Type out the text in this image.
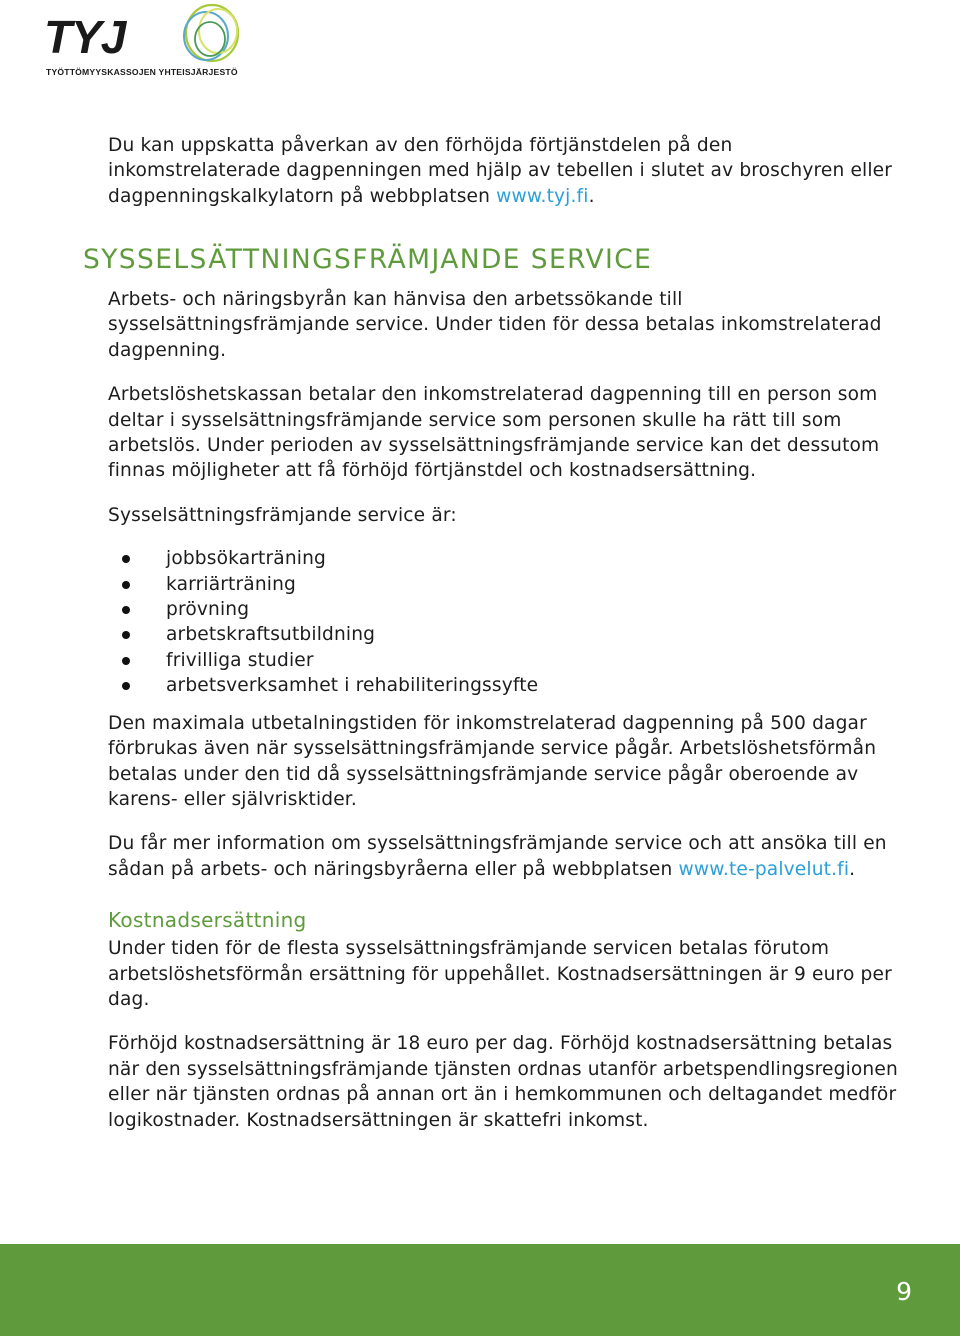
TYJ
TYÖTTÖMYYSKASSOJEN YHTEISJÄRJESTÖ

Du kan uppskatta påverkan av den förhöjda förtjänstdelen på den inkomstrelaterade dagpenningen med hjälp av tebellen i slutet av broschyren eller dagpenningskalkylatorn på webbplatsen www.tyj.fi.

SYSSELSÄTTNINGSFRÄMJANDE SERVICE

Arbets- och näringsbyrån kan hänvisa den arbetssökande till sysselsättningsfrämjande service. Under tiden för dessa betalas inkomstrelaterad dagpenning.

Arbetslöshetskassan betalar den inkomstrelaterad dagpenning till en person som deltar i sysselsättningsfrämjande service som personen skulle ha rätt till som arbetslös. Under perioden av sysselsättningsfrämjande service kan det dessutom finnas möjligheter att få förhöjd förtjänstdel och kostnadsersättning.

Sysselsättningsfrämjande service är:

jobbsökarträning
karriärträning
prövning
arbetskraftsutbildning
frivilliga studier
arbetsverksamhet i rehabiliteringssyfte

Den maximala utbetalningstiden för inkomstrelaterad dagpenning på 500 dagar förbrukas även när sysselsättningsfrämjande service pågår. Arbetslöshetsförmån betalas under den tid då sysselsättningsfrämjande service pågår oberoende av karens- eller självrisktider.

Du får mer information om sysselsättningsfrämjande service och att ansöka till en sådan på arbets- och näringsbyråerna eller på webbplatsen www.te-palvelut.fi.

Kostnadsersättning

Under tiden för de flesta sysselsättningsfrämjande servicen betalas förutom arbetslöshetsförmån ersättning för uppehållet. Kostnadsersättningen är 9 euro per dag.

Förhöjd kostnadsersättning är 18 euro per dag. Förhöjd kostnadsersättning betalas när den sysselsättningsfrämjande tjänsten ordnas utanför arbetspendlingsregionen eller när tjänsten ordnas på annan ort än i hemkommunen och deltagandet medför logikostnader. Kostnadsersättningen är skattefri inkomst.

9
